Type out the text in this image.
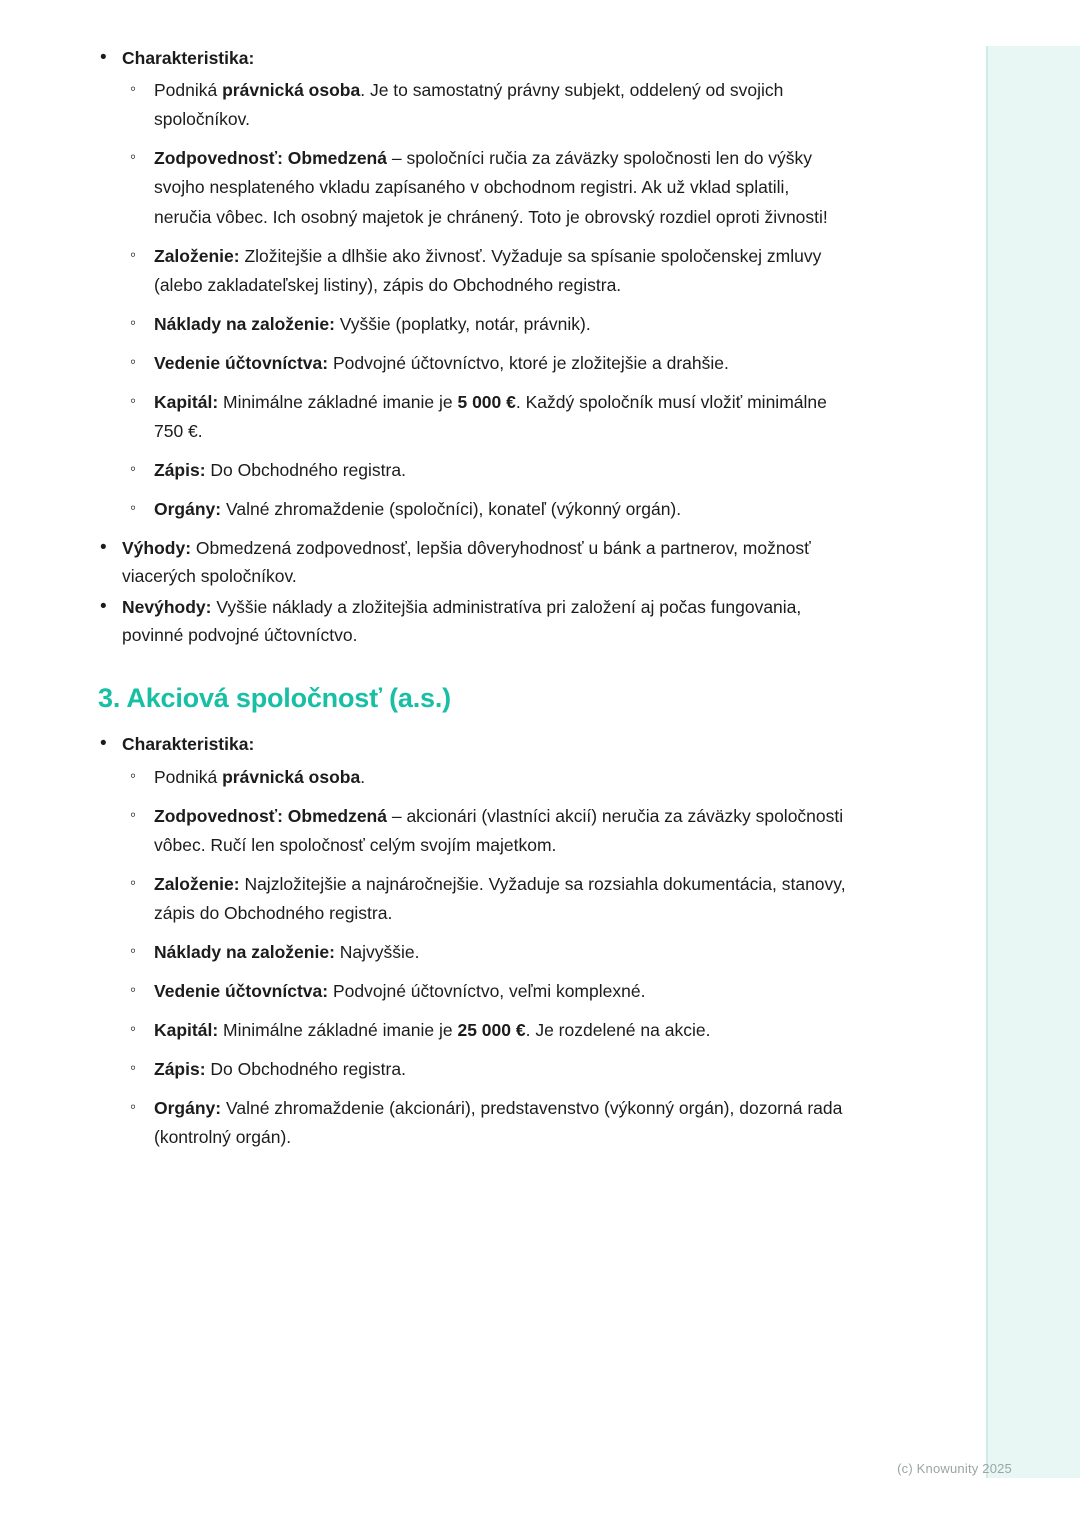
• Charakteristika:
◦ Podniká právnická osoba. Je to samostatný právny subjekt, oddelený od svojich spoločníkov.
◦ Zodpovednosť: Obmedzená – spoločníci ručia za záväzky spoločnosti len do výšky svojho nesplateného vkladu zapísaného v obchodnom registri. Ak už vklad splatili, neručia vôbec. Ich osobný majetok je chránený. Toto je obrovský rozdiel oproti živnosti!
◦ Založenie: Zložitejšie a dlhšie ako živnosť. Vyžaduje sa spísanie spoločenskej zmluvy (alebo zakladateľskej listiny), zápis do Obchodného registra.
◦ Náklady na založenie: Vyššie (poplatky, notár, právnik).
◦ Vedenie účtovníctva: Podvojné účtovníctvo, ktoré je zložitejšie a drahšie.
◦ Kapitál: Minimálne základné imanie je 5 000 €. Každý spoločník musí vložiť minimálne 750 €.
◦ Zápis: Do Obchodného registra.
◦ Orgány: Valné zhromaždenie (spoločníci), konateľ (výkonný orgán).
• Výhody: Obmedzená zodpovednosť, lepšia dôveryhodnosť u bánk a partnerov, možnosť viacerých spoločníkov.
• Nevýhody: Vyššie náklady a zložitejšia administratíva pri založení aj počas fungovania, povinné podvojné účtovníctvo.
3. Akciová spoločnosť (a.s.)
• Charakteristika:
◦ Podniká právnická osoba.
◦ Zodpovednosť: Obmedzená – akcionári (vlastníci akcií) neručia za záväzky spoločnosti vôbec. Ručí len spoločnosť celým svojím majetkom.
◦ Založenie: Najzložitejšie a najnáročnejšie. Vyžaduje sa rozsiahla dokumentácia, stanovy, zápis do Obchodného registra.
◦ Náklady na založenie: Najvyššie.
◦ Vedenie účtovníctva: Podvojné účtovníctvo, veľmi komplexné.
◦ Kapitál: Minimálne základné imanie je 25 000 €. Je rozdelené na akcie.
◦ Zápis: Do Obchodného registra.
◦ Orgány: Valné zhromaždenie (akcionári), predstavenstvo (výkonný orgán), dozorná rada (kontrolný orgán).
(c) Knowunity 2025
